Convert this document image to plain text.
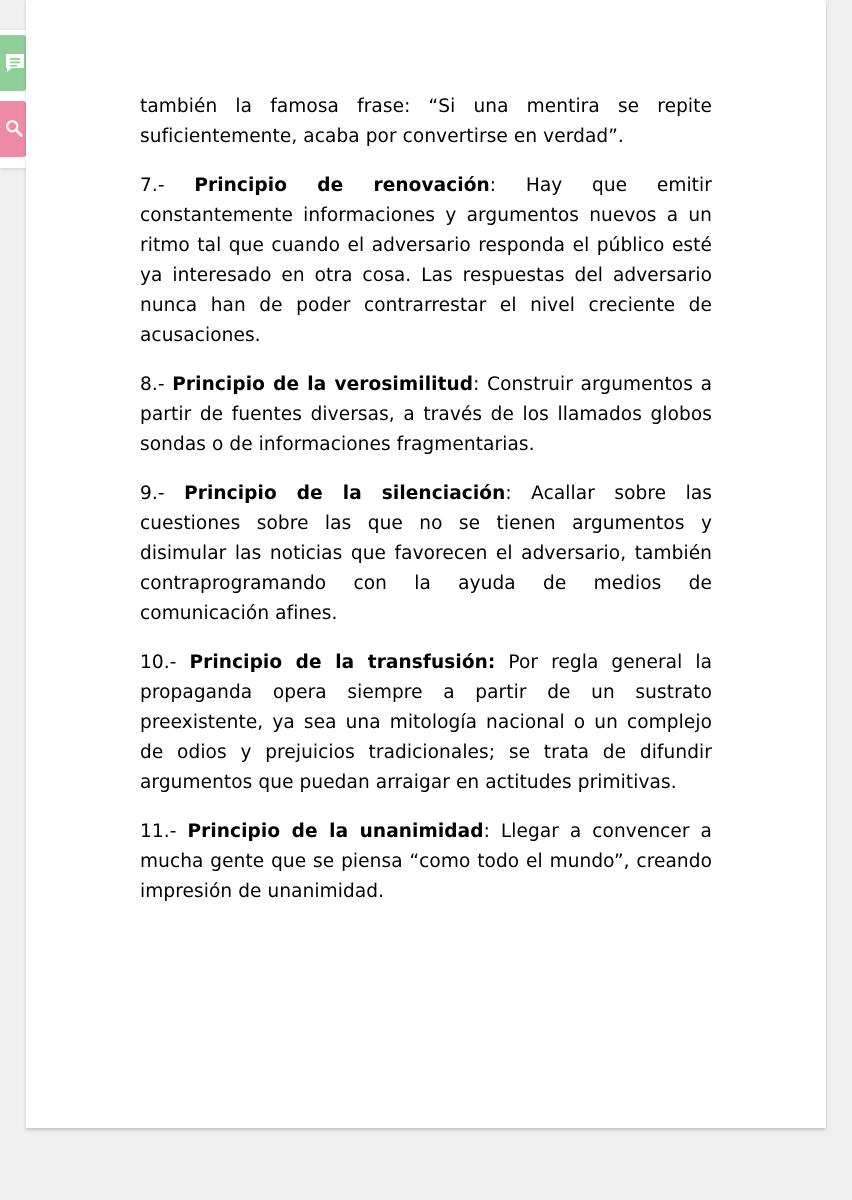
también la famosa frase: “Si una mentira se repite suficientemente, acaba por convertirse en verdad”.

7.- Principio de renovación: Hay que emitir constantemente informaciones y argumentos nuevos a un ritmo tal que cuando el adversario responda el público esté ya interesado en otra cosa. Las respuestas del adversario nunca han de poder contrarrestar el nivel creciente de acusaciones.

8.- Principio de la verosimilitud: Construir argumentos a partir de fuentes diversas, a través de los llamados globos sondas o de informaciones fragmentarias.

9.- Principio de la silenciación: Acallar sobre las cuestiones sobre las que no se tienen argumentos y disimular las noticias que favorecen el adversario, también contraprogramando con la ayuda de medios de comunicación afines.

10.- Principio de la transfusión: Por regla general la propaganda opera siempre a partir de un sustrato preexistente, ya sea una mitología nacional o un complejo de odios y prejuicios tradicionales; se trata de difundir argumentos que puedan arraigar en actitudes primitivas.

11.- Principio de la unanimidad: Llegar a convencer a mucha gente que se piensa “como todo el mundo”, creando impresión de unanimidad.
